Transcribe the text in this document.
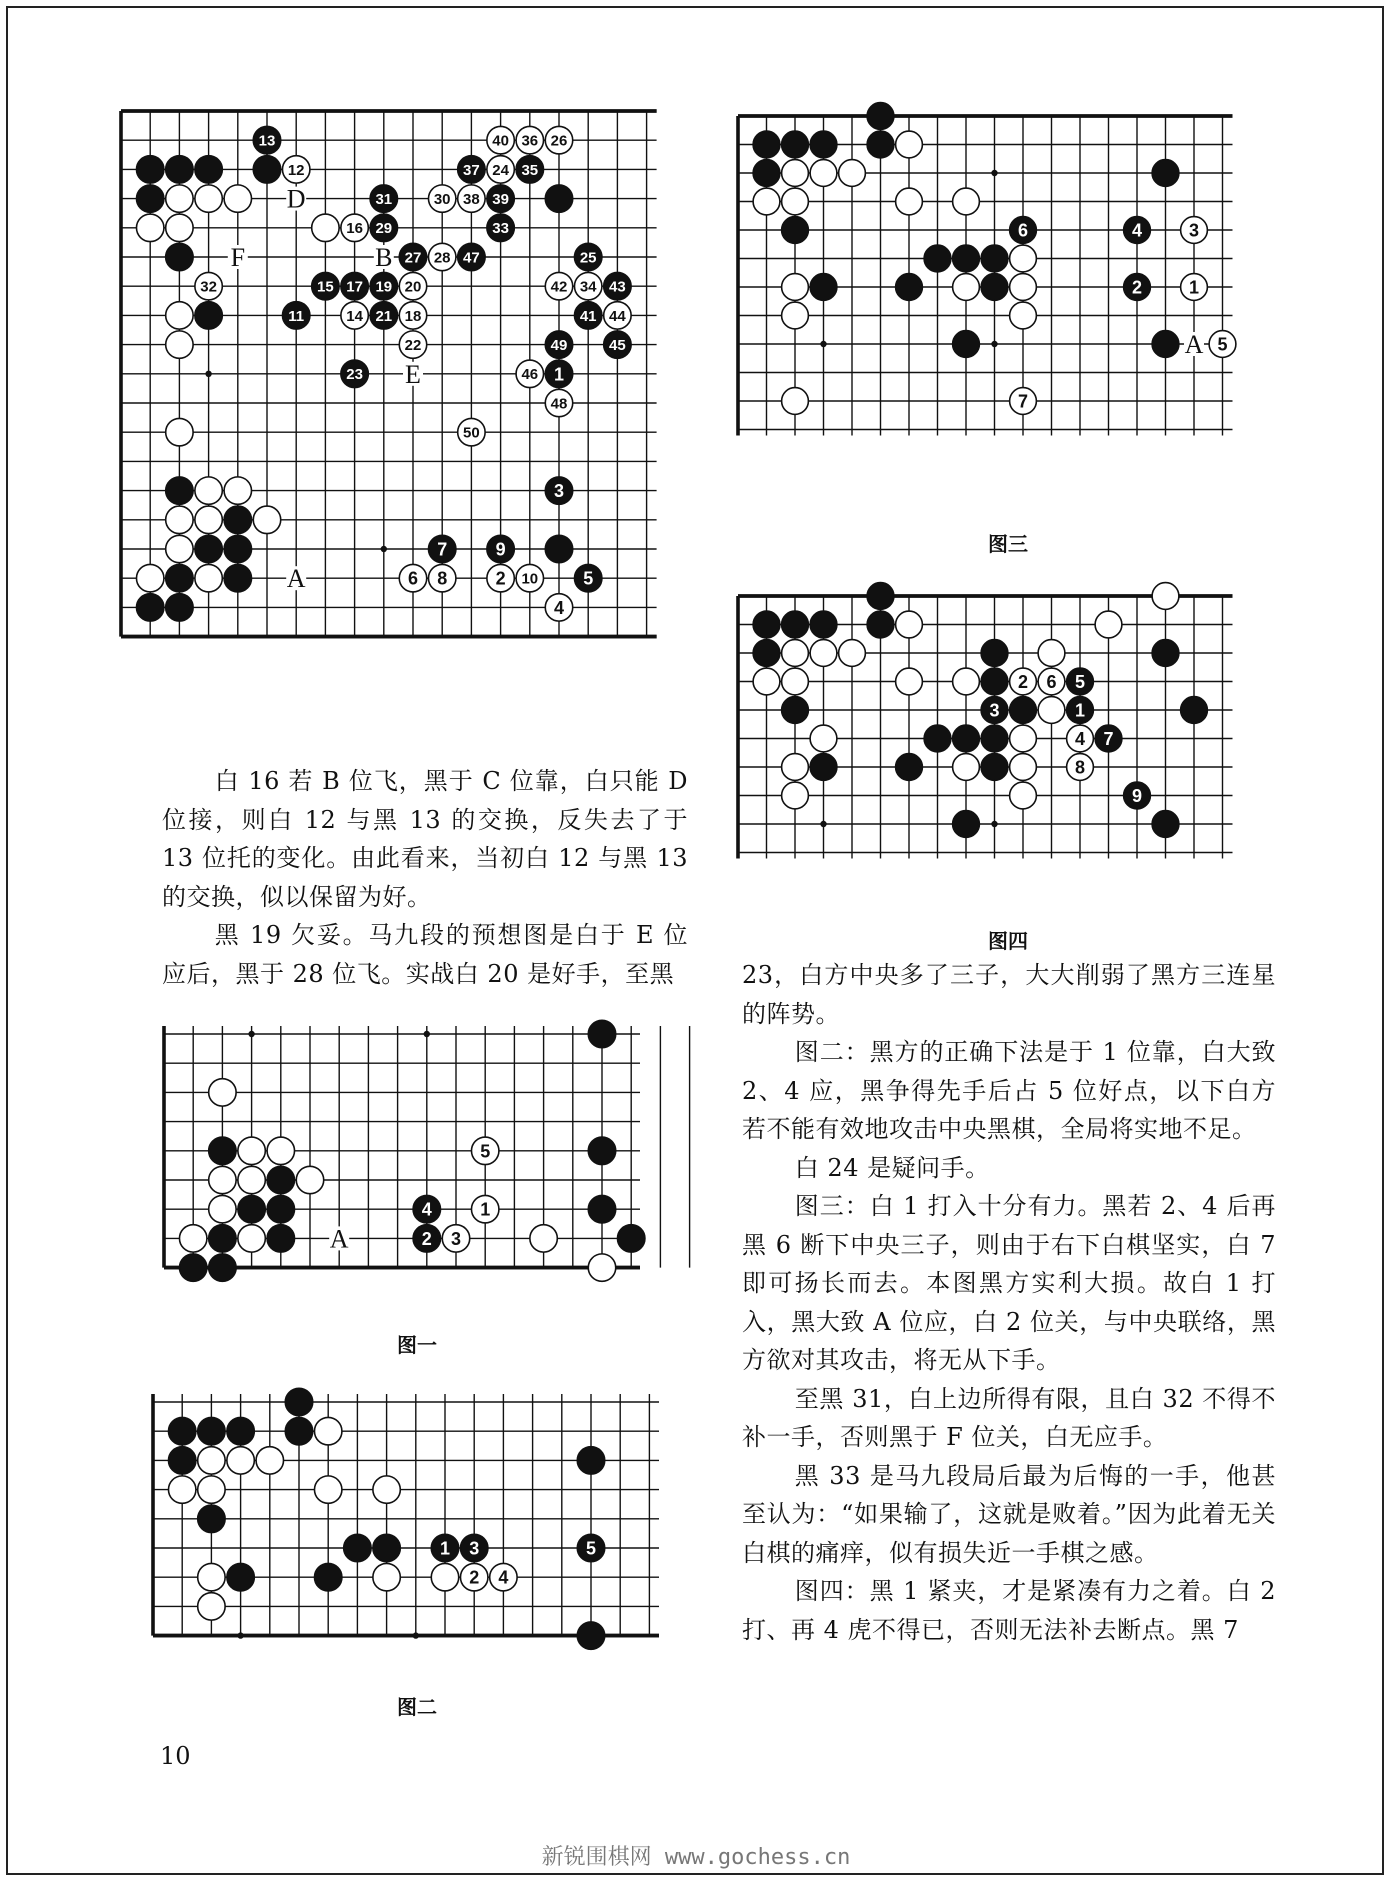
D
F	B
E
A
13	40 36 26
12	37 24 35
31	30 38 39
16 29	33
27 28 47	25
32	15 17 19 20	42 34 43
11	14 21 18	41 44
22	49	45
23	46 1
48
50
3
7	9
6 8	2 10	5
4
A
5
4	1
2 3
图一
1 3	5
2 4
图二
A
6	4	3
2	1
5
7
图三
2 6 5
3	1
4 7
8
9
图四

白 16 若 B 位飞，黑于 C 位靠，白只能 D 位接，则白 12 与黑 13 的交换，反失去了于 13 位托的变化。由此看来，当初白 12 与黑 13 的交换，似以保留为好。

黑 19 欠妥。马九段的预想图是白于 E 位应后，黑于 28 位飞。实战白 20 是好手，至黑	23，白方中央多了三子，大大削弱了黑方三连星的阵势。

图二：黑方的正确下法是于 1 位靠，白大致 2、4 应，黑争得先手后占 5 位好点，以下白方若不能有效地攻击中央黑棋，全局将实地不足。

白 24 是疑问手。

图三：白 1 打入十分有力。黑若 2、4 后再黑 6 断下中央三子，则由于右下白棋坚实，白 7 即可扬长而去。本图黑方实利大损。故白 1 打入，黑大致 A 位应，白 2 位关，与中央联络，黑方欲对其攻击，将无从下手。

至黑 31，白上边所得有限，且白 32 不得不补一手，否则黑于 F 位关，白无应手。

黑 33 是马九段局后最为后悔的一手，他甚至认为：“如果输了，这就是败着。”因为此着无关白棋的痛痒，似有损失近一手棋之感。

图四：黑 1 紧夹，才是紧凑有力之着。白 2 打、再 4 虎不得已，否则无法补去断点。黑 7

10
新锐围棋网 www.gochess.cn
